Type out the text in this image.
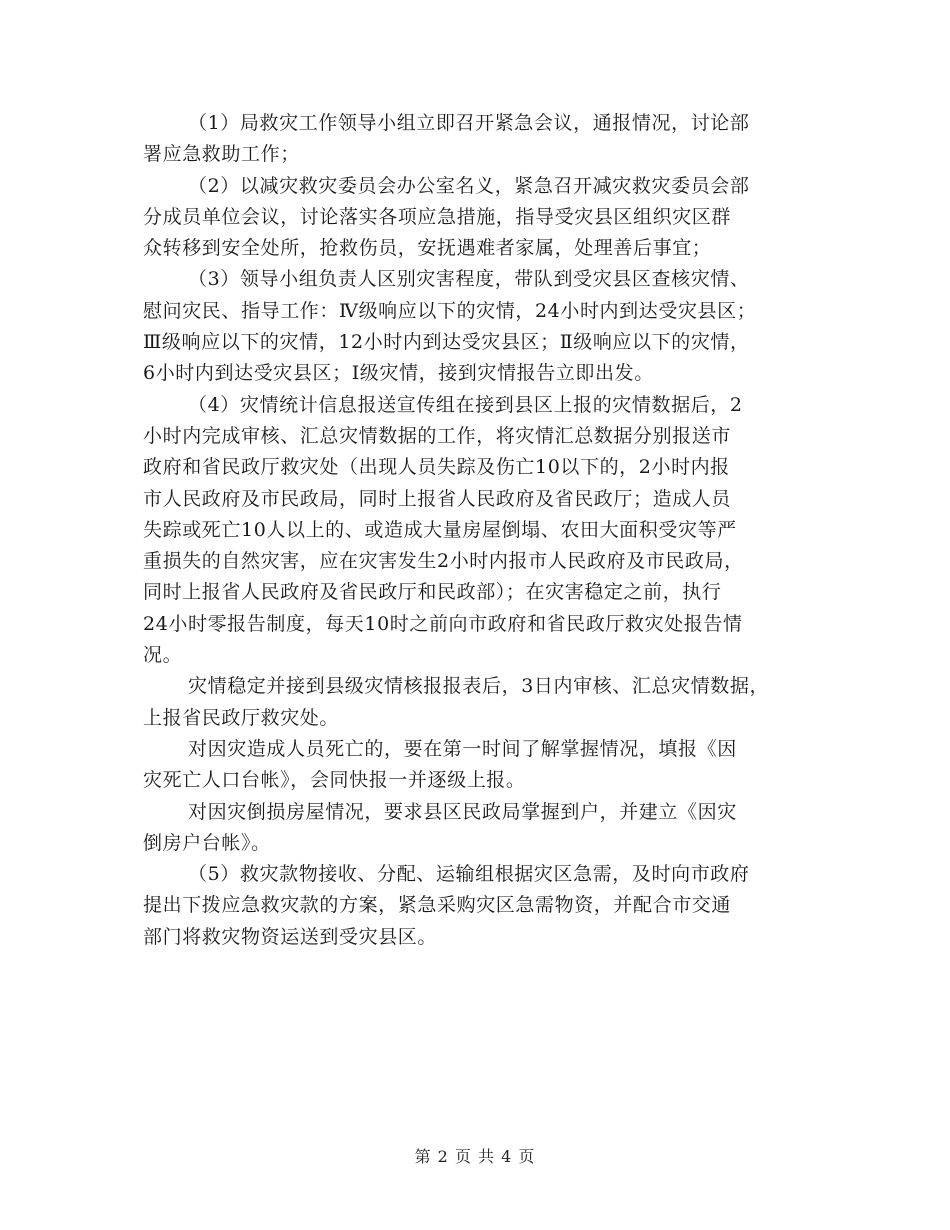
（1）局救灾工作领导小组立即召开紧急会议，通报情况，讨论部
署应急救助工作；
（2）以减灾救灾委员会办公室名义，紧急召开减灾救灾委员会部
分成员单位会议，讨论落实各项应急措施，指导受灾县区组织灾区群
众转移到安全处所，抢救伤员，安抚遇难者家属，处理善后事宜；
（3）领导小组负责人区别灾害程度，带队到受灾县区查核灾情、
慰问灾民、指导工作：Ⅳ级响应以下的灾情，24小时内到达受灾县区；
Ⅲ级响应以下的灾情，12小时内到达受灾县区；Ⅱ级响应以下的灾情，
6小时内到达受灾县区；Ⅰ级灾情，接到灾情报告立即出发。
（4）灾情统计信息报送宣传组在接到县区上报的灾情数据后，2
小时内完成审核、汇总灾情数据的工作，将灾情汇总数据分别报送市
政府和省民政厅救灾处（出现人员失踪及伤亡10以下的，2小时内报
市人民政府及市民政局，同时上报省人民政府及省民政厅；造成人员
失踪或死亡10人以上的、或造成大量房屋倒塌、农田大面积受灾等严
重损失的自然灾害，应在灾害发生2小时内报市人民政府及市民政局，
同时上报省人民政府及省民政厅和民政部）；在灾害稳定之前，执行
24小时零报告制度，每天10时之前向市政府和省民政厅救灾处报告情
况。
灾情稳定并接到县级灾情核报报表后，3日内审核、汇总灾情数据，
上报省民政厅救灾处。
对因灾造成人员死亡的，要在第一时间了解掌握情况，填报《因
灾死亡人口台帐》，会同快报一并逐级上报。
对因灾倒损房屋情况，要求县区民政局掌握到户，并建立《因灾
倒房户台帐》。
（5）救灾款物接收、分配、运输组根据灾区急需，及时向市政府
提出下拨应急救灾款的方案，紧急采购灾区急需物资，并配合市交通
部门将救灾物资运送到受灾县区。
第 2 页 共 4 页
